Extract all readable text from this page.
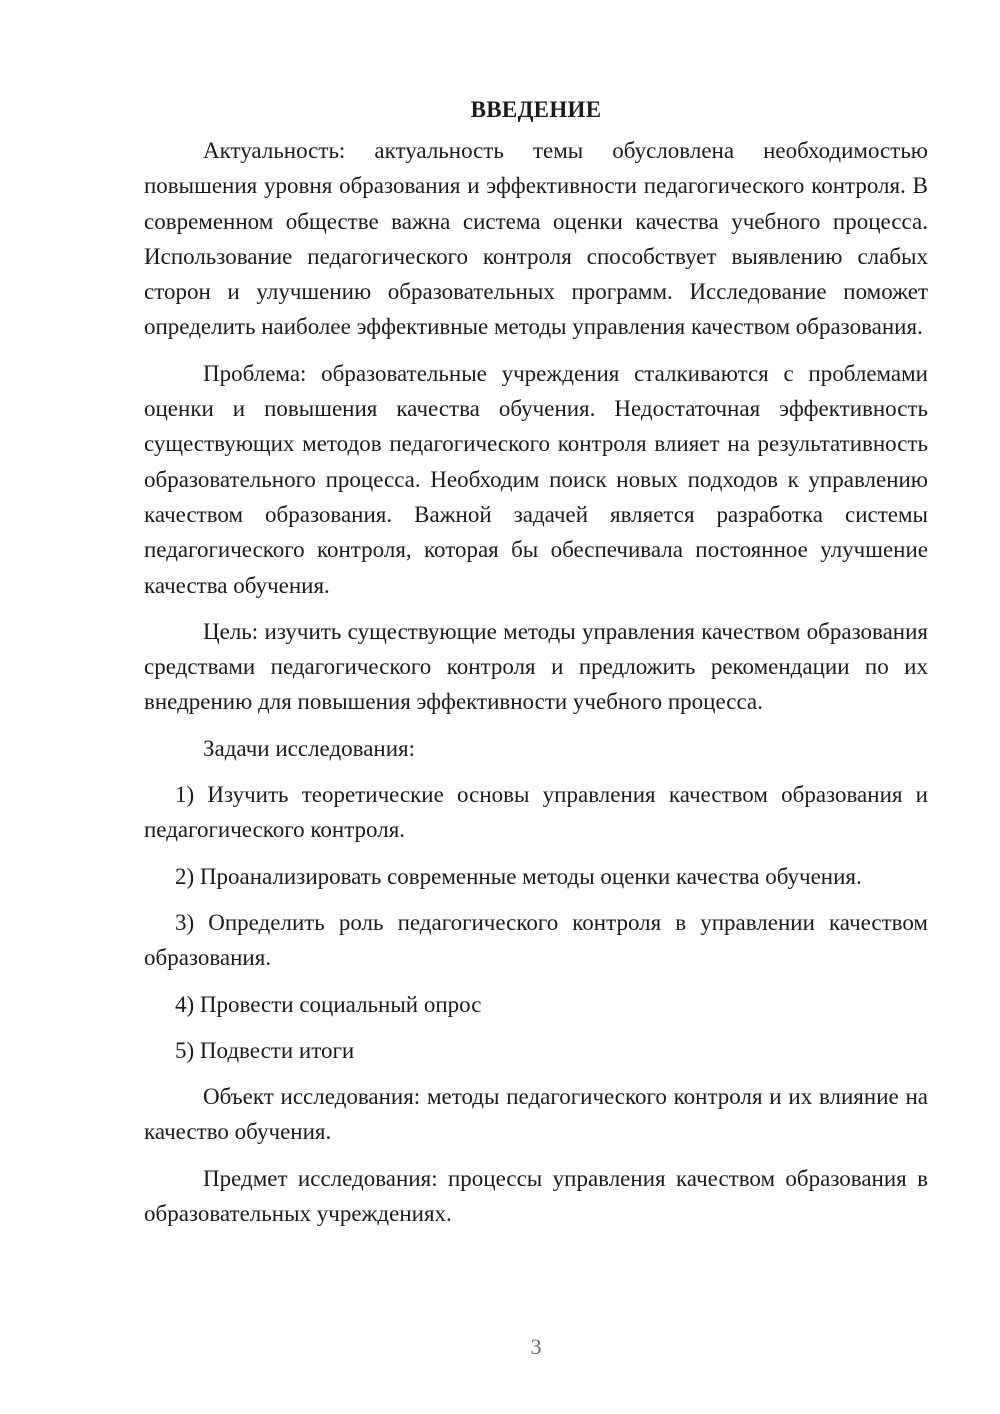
ВВЕДЕНИЕ

Актуальность: актуальность темы обусловлена необходимостью повышения уровня образования и эффективности педагогического контроля. В современном обществе важна система оценки качества учебного процесса. Использование педагогического контроля способствует выявлению слабых сторон и улучшению образовательных программ. Исследование поможет определить наиболее эффективные методы управления качеством образования.

Проблема: образовательные учреждения сталкиваются с проблемами оценки и повышения качества обучения. Недостаточная эффективность существующих методов педагогического контроля влияет на результативность образовательного процесса. Необходим поиск новых подходов к управлению качеством образования. Важной задачей является разработка системы педагогического контроля, которая бы обеспечивала постоянное улучшение качества обучения.

Цель: изучить существующие методы управления качеством образования средствами педагогического контроля и предложить рекомендации по их внедрению для повышения эффективности учебного процесса.

Задачи исследования:

1) Изучить теоретические основы управления качеством образования и педагогического контроля.

2) Проанализировать современные методы оценки качества обучения.

3) Определить роль педагогического контроля в управлении качеством образования.

4) Провести социальный опрос

5) Подвести итоги

Объект исследования: методы педагогического контроля и их влияние на качество обучения.

Предмет исследования: процессы управления качеством образования в образовательных учреждениях.

3
